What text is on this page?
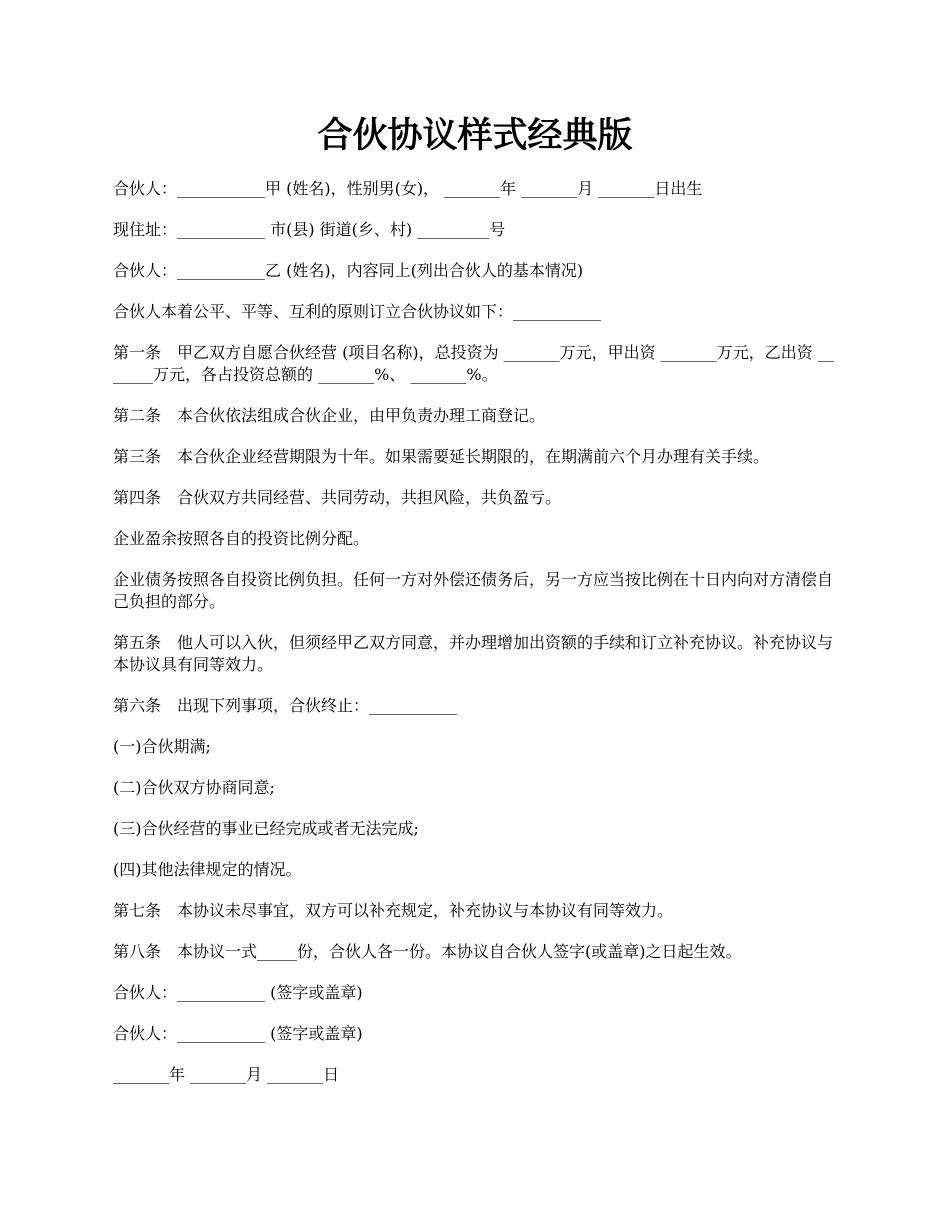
合伙协议样式经典版

合伙人：___________甲 (姓名)，性别男(女)， _______年 _______月 _______日出生

现住址：___________ 市(县) 街道(乡、村) _________号

合伙人：___________乙 (姓名)，内容同上(列出合伙人的基本情况)

合伙人本着公平、平等、互利的原则订立合伙协议如下：___________

第一条　甲乙双方自愿合伙经营 (项目名称)，总投资为 _______万元，甲出资 _______万元，乙出资 _______万元，各占投资总额的 _______%、 _______%。

第二条　本合伙依法组成合伙企业，由甲负责办理工商登记。

第三条　本合伙企业经营期限为十年。如果需要延长期限的，在期满前六个月办理有关手续。

第四条　合伙双方共同经营、共同劳动，共担风险，共负盈亏。

企业盈余按照各自的投资比例分配。

企业债务按照各自投资比例负担。任何一方对外偿还债务后，另一方应当按比例在十日内向对方清偿自己负担的部分。

第五条　他人可以入伙，但须经甲乙双方同意，并办理增加出资额的手续和订立补充协议。补充协议与本协议具有同等效力。

第六条　出现下列事项，合伙终止：___________

(一)合伙期满;

(二)合伙双方协商同意;

(三)合伙经营的事业已经完成或者无法完成;

(四)其他法律规定的情况。

第七条　本协议未尽事宜，双方可以补充规定，补充协议与本协议有同等效力。

第八条　本协议一式_____份，合伙人各一份。本协议自合伙人签字(或盖章)之日起生效。

合伙人：___________ (签字或盖章)

合伙人：___________ (签字或盖章)

_______年 _______月 _______日
